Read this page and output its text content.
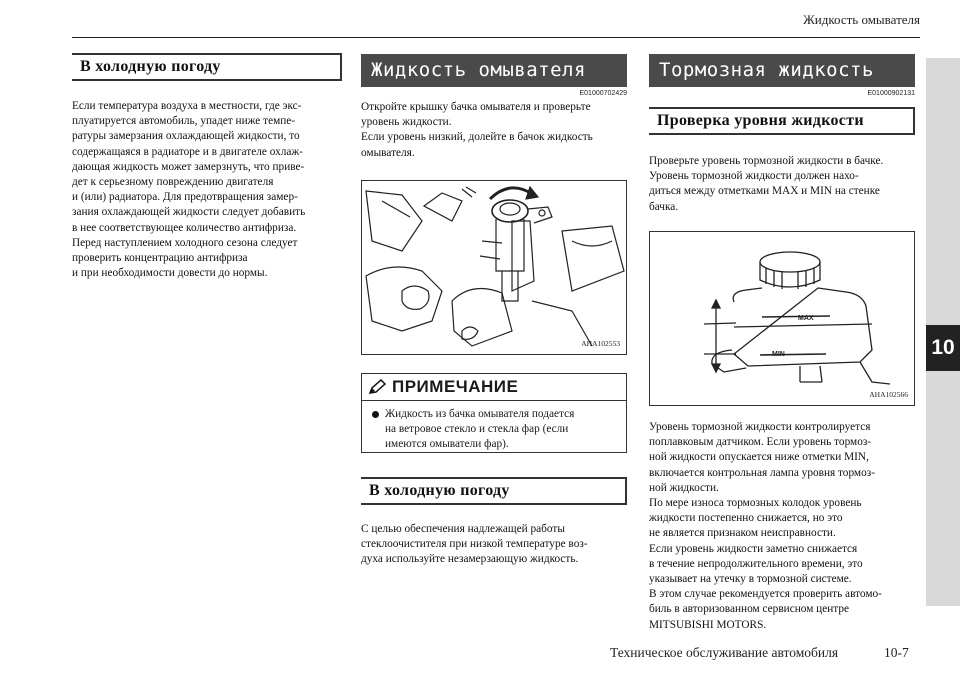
Жидкость омывателя
10
В холодную погоду
Если температура воздуха в местности, где экс-
плуатируется автомобиль, упадет ниже темпе-
ратуры замерзания охлаждающей жидкости, то
содержащаяся в радиаторе и в двигателе охлаж-
дающая жидкость может замерзнуть, что приве-
дет к серьезному повреждению двигателя
и (или) радиатора. Для предотвращения замер-
зания охлаждающей жидкости следует добавить
в нее соответствующее количество антифриза.
Перед наступлением холодного сезона следует
проверить концентрацию антифриза
и при необходимости довести до нормы.
Жидкость омывателя
E01000702429
Откройте крышку бачка омывателя и проверьте
уровень жидкости.
Если уровень низкий, долейте в бачок жидкость
омывателя.
AHA102553
ПРИМЕЧАНИЕ
Жидкость из бачка омывателя подается
на ветровое стекло и стекла фар (если
имеются омыватели фар).
В холодную погоду
С целью обеспечения надлежащей работы
стеклоочистителя при низкой температуре воз-
духа используйте незамерзающую жидкость.
Тормозная жидкость
E01000902131
Проверка уровня жидкости
Проверьте уровень тормозной жидкости в бачке.
Уровень тормозной жидкости должен нахо-
диться между отметками MAX и MIN на стенке
бачка.
MAX
MIN
AHA102566
Уровень тормозной жидкости контролируется
поплавковым датчиком. Если уровень тормоз-
ной жидкости опускается ниже отметки MIN,
включается контрольная лампа уровня тормоз-
ной жидкости.
По мере износа тормозных колодок уровень
жидкости постепенно снижается, но это
не является признаком неисправности.
Если уровень жидкости заметно снижается
в течение непродолжительного времени, это
указывает на утечку в тормозной системе.
В этом случае рекомендуется проверить автомо-
биль в авторизованном сервисном центре
MITSUBISHI MOTORS.
Техническое обслуживание автомобиля	10-7
